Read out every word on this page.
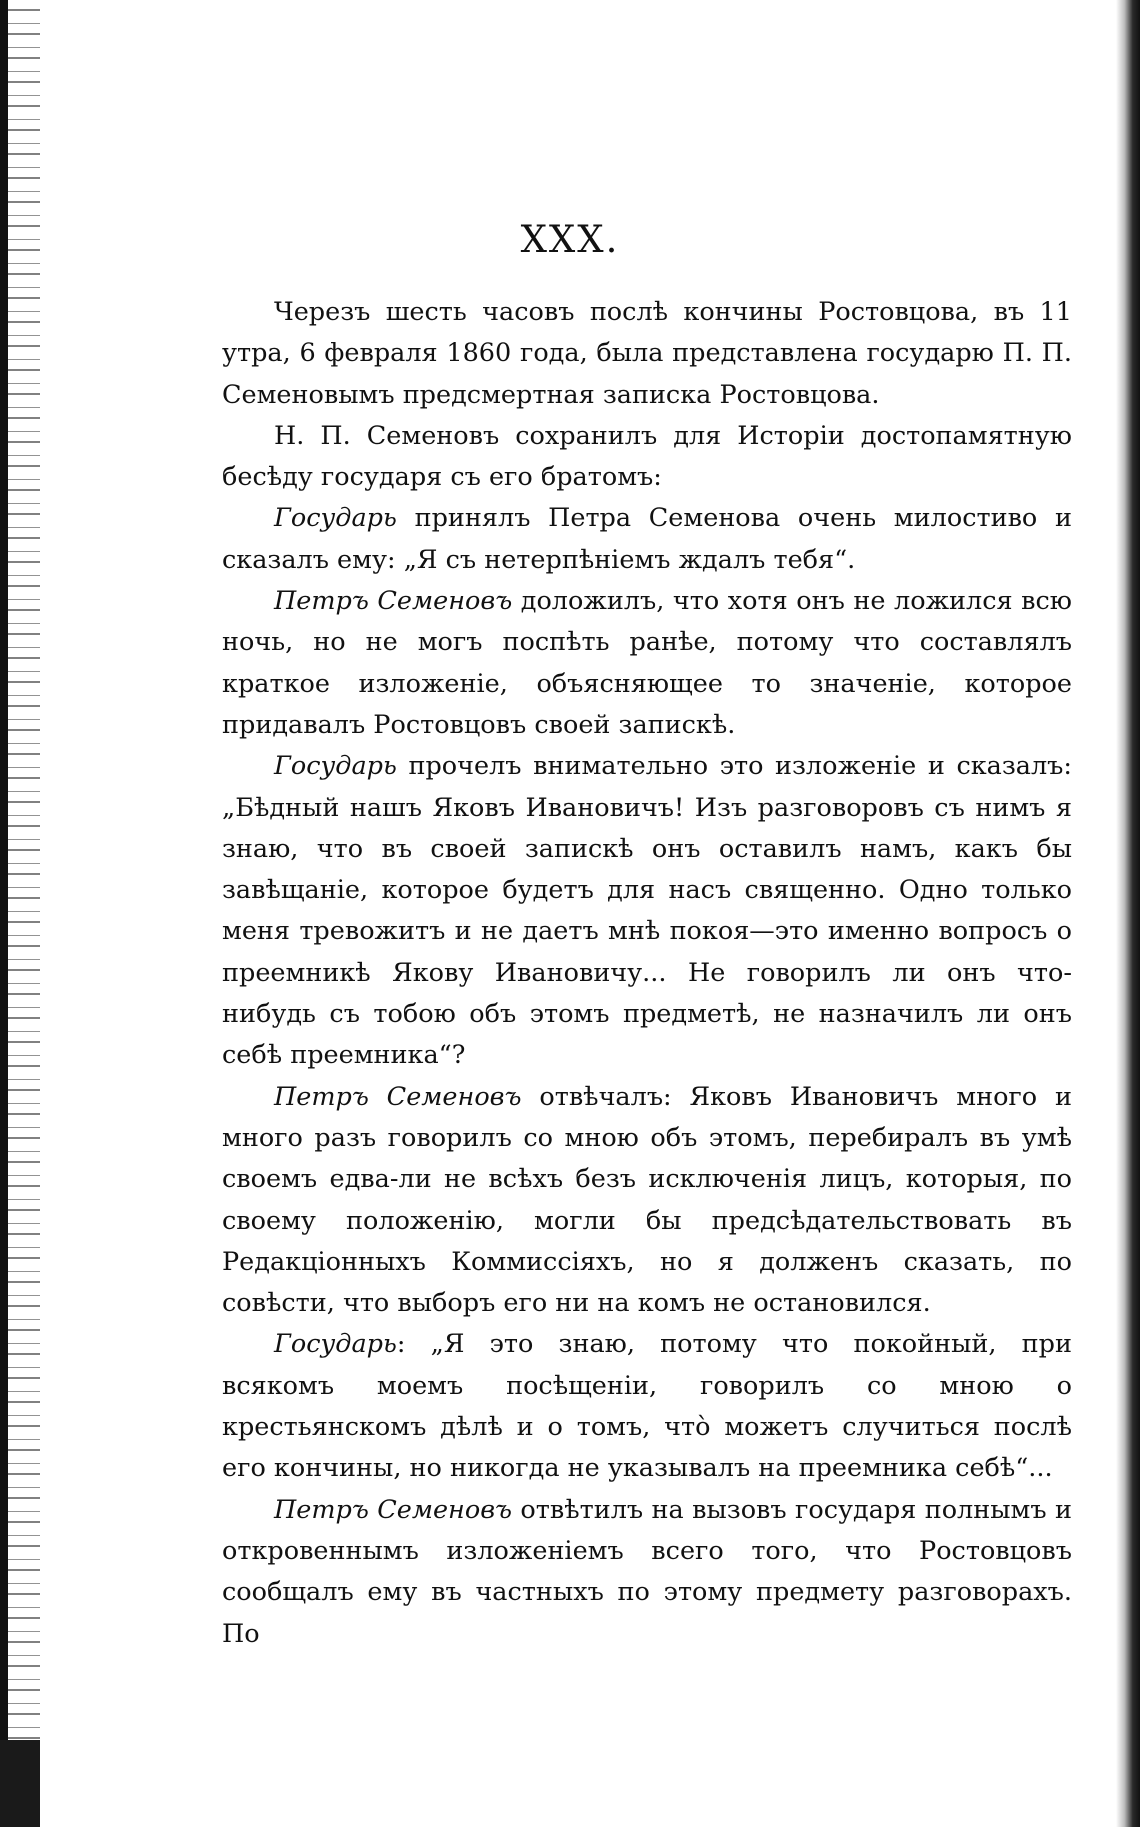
XXX.

Черезъ шесть часовъ послѣ кончины Ростовцова, въ 11 утра, 6 февраля 1860 года, была представлена государю П. П. Семеновымъ предсмертная записка Ростовцова.

Н. П. Семеновъ сохранилъ для Исторіи достопамятную бесѣду государя съ его братомъ:

Государь принялъ Петра Семенова очень милостиво и сказалъ ему: „Я съ нетерпѣніемъ ждалъ тебя“.

Петръ Семеновъ доложилъ, что хотя онъ не ложился всю ночь, но не могъ поспѣть ранѣе, потому что составлялъ краткое изложеніе, объясняющее то значеніе, которое придавалъ Ростовцовъ своей запискѣ.

Государь прочелъ внимательно это изложеніе и сказалъ: „Бѣдный нашъ Яковъ Ивановичъ! Изъ разговоровъ съ нимъ я знаю, что въ своей запискѣ онъ оставилъ намъ, какъ бы завѣщаніе, которое будетъ для насъ священно. Одно только меня тревожитъ и не даетъ мнѣ покоя—это именно вопросъ о преемникѣ Якову Ивановичу... Не говорилъ ли онъ что-нибудь съ тобою объ этомъ предметѣ, не назначилъ ли онъ себѣ преемника“?

Петръ Семеновъ отвѣчалъ: Яковъ Ивановичъ много и много разъ говорилъ со мною объ этомъ, перебиралъ въ умѣ своемъ едва-ли не всѣхъ безъ исключенія лицъ, которыя, по своему положенію, могли бы предсѣдательствовать въ Редакціонныхъ Коммиссіяхъ, но я долженъ сказать, по совѣсти, что выборъ его ни на комъ не остановился.

Государь: „Я это знаю, потому что покойный, при всякомъ моемъ посѣщеніи, говорилъ со мною о крестьянскомъ дѣлѣ и о томъ, что̀ можетъ случиться послѣ его кончины, но никогда не указывалъ на преемника себѣ“...

Петръ Семеновъ отвѣтилъ на вызовъ государя полнымъ и откровеннымъ изложеніемъ всего того, что Ростовцовъ сообщалъ ему въ частныхъ по этому предмету разговорахъ. По
